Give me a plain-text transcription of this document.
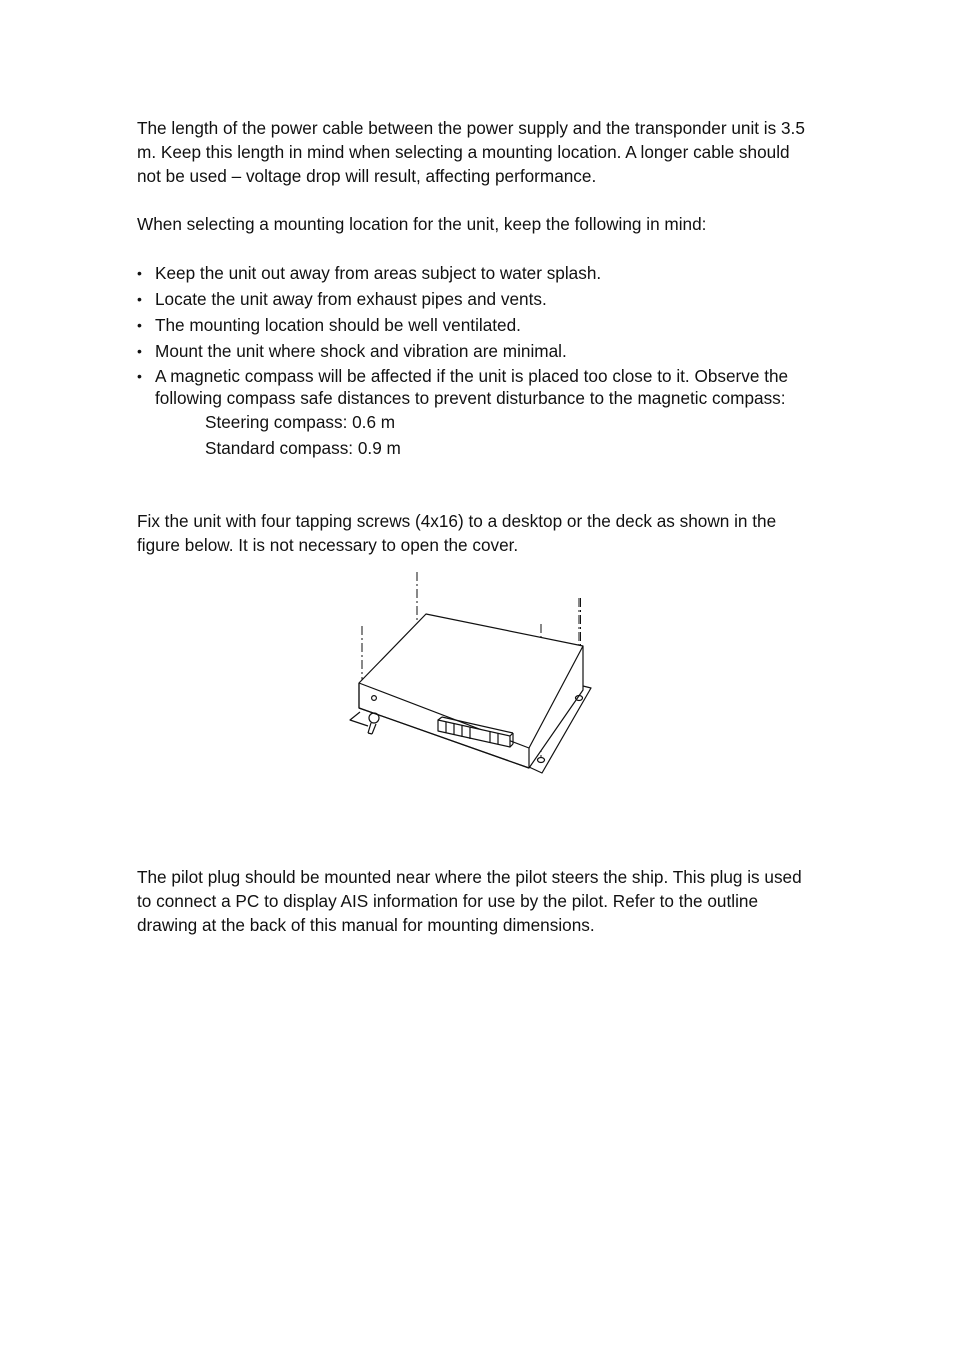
The length of the power cable between the power supply and the transponder unit is 3.5 m. Keep this length in mind when selecting a mounting location. A longer cable should not be used – voltage drop will result, affecting performance.

When selecting a mounting location for the unit, keep the following in mind:

• Keep the unit out away from areas subject to water splash.
• Locate the unit away from exhaust pipes and vents.
• The mounting location should be well ventilated.
• Mount the unit where shock and vibration are minimal.
• A magnetic compass will be affected if the unit is placed too close to it. Observe the following compass safe distances to prevent disturbance to the magnetic compass:
Steering compass: 0.6 m
Standard compass: 0.9 m

Fix the unit with four tapping screws (4x16) to a desktop or the deck as shown in the figure below. It is not necessary to open the cover.

The pilot plug should be mounted near where the pilot steers the ship. This plug is used to connect a PC to display AIS information for use by the pilot. Refer to the outline drawing at the back of this manual for mounting dimensions.
